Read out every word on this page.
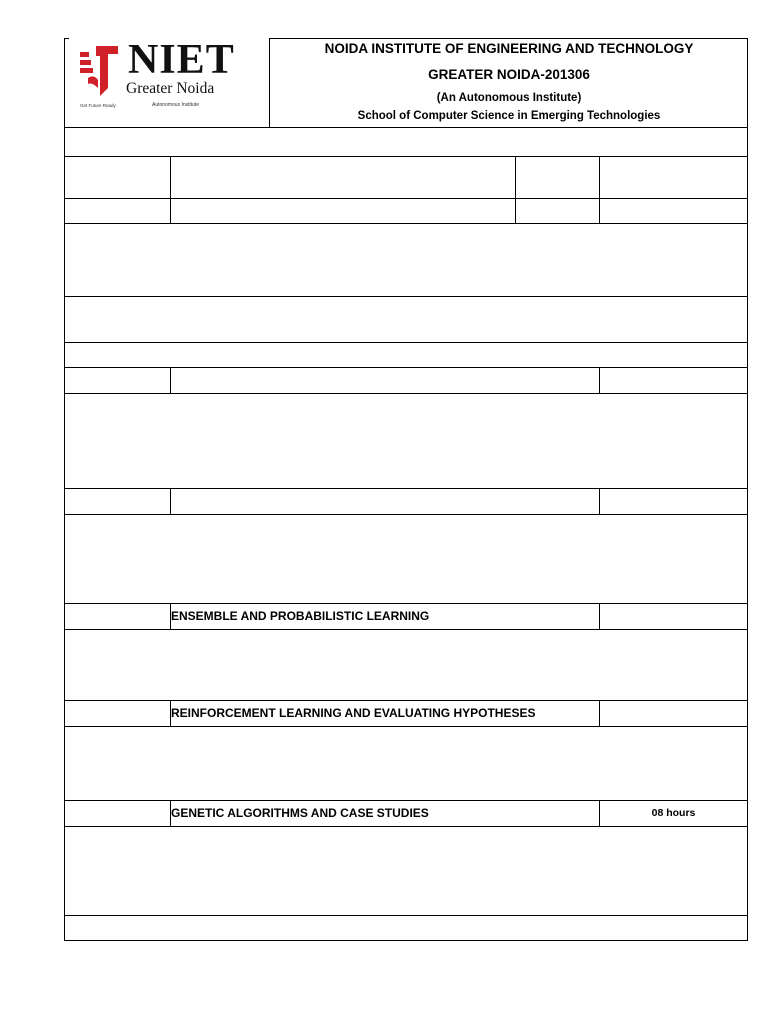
NIET
Greater Noida
Get Future Ready	Autonomous Institute
NOIDA INSTITUTE OF ENGINEERING AND TECHNOLOGY
GREATER NOIDA-201306
(An Autonomous Institute)
School of Computer Science in Emerging Technologies
ENSEMBLE AND PROBABILISTIC LEARNING
REINFORCEMENT LEARNING AND EVALUATING HYPOTHESES
GENETIC ALGORITHMS AND CASE STUDIES	08 hours
